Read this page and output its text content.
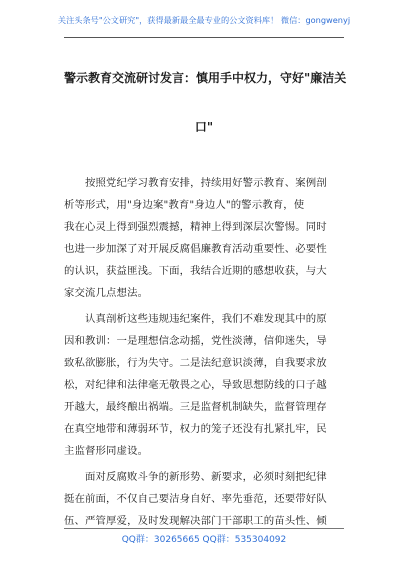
关注头条号"公文研究"，获得最新最全最专业的公文资料库！ 微信：gongwenyj
警示教育交流研讨发言：慎用手中权力，守好"廉洁关
口"
按照党纪学习教育安排，持续用好警示教育、案例剖
析等形式，用"身边案"教育"身边人"的警示教育，使
我在心灵上得到强烈震撼，精神上得到深层次警惕。同时
也进一步加深了对开展反腐倡廉教育活动重要性、必要性
的认识，获益匪浅。下面，我结合近期的感想收获，与大
家交流几点想法。
认真剖析这些违规违纪案件，我们不难发现其中的原
因和教训：一是理想信念动摇，党性淡薄，信仰迷失，导
致私欲膨胀，行为失守。二是法纪意识淡薄，自我要求放
松，对纪律和法律毫无敬畏之心，导致思想防线的口子越
开越大，最终酿出祸端。三是监督机制缺失，监督管理存
在真空地带和薄弱环节，权力的笼子还没有扎紧扎牢，民
主监督形同虚设。
面对反腐败斗争的新形势、新要求，必须时刻把纪律
挺在前面，不仅自己要洁身自好、率先垂范，还要带好队
伍、严管厚爱，及时发现解决部门干部职工的苗头性、倾
QQ群：30265665 QQ群：535304092
